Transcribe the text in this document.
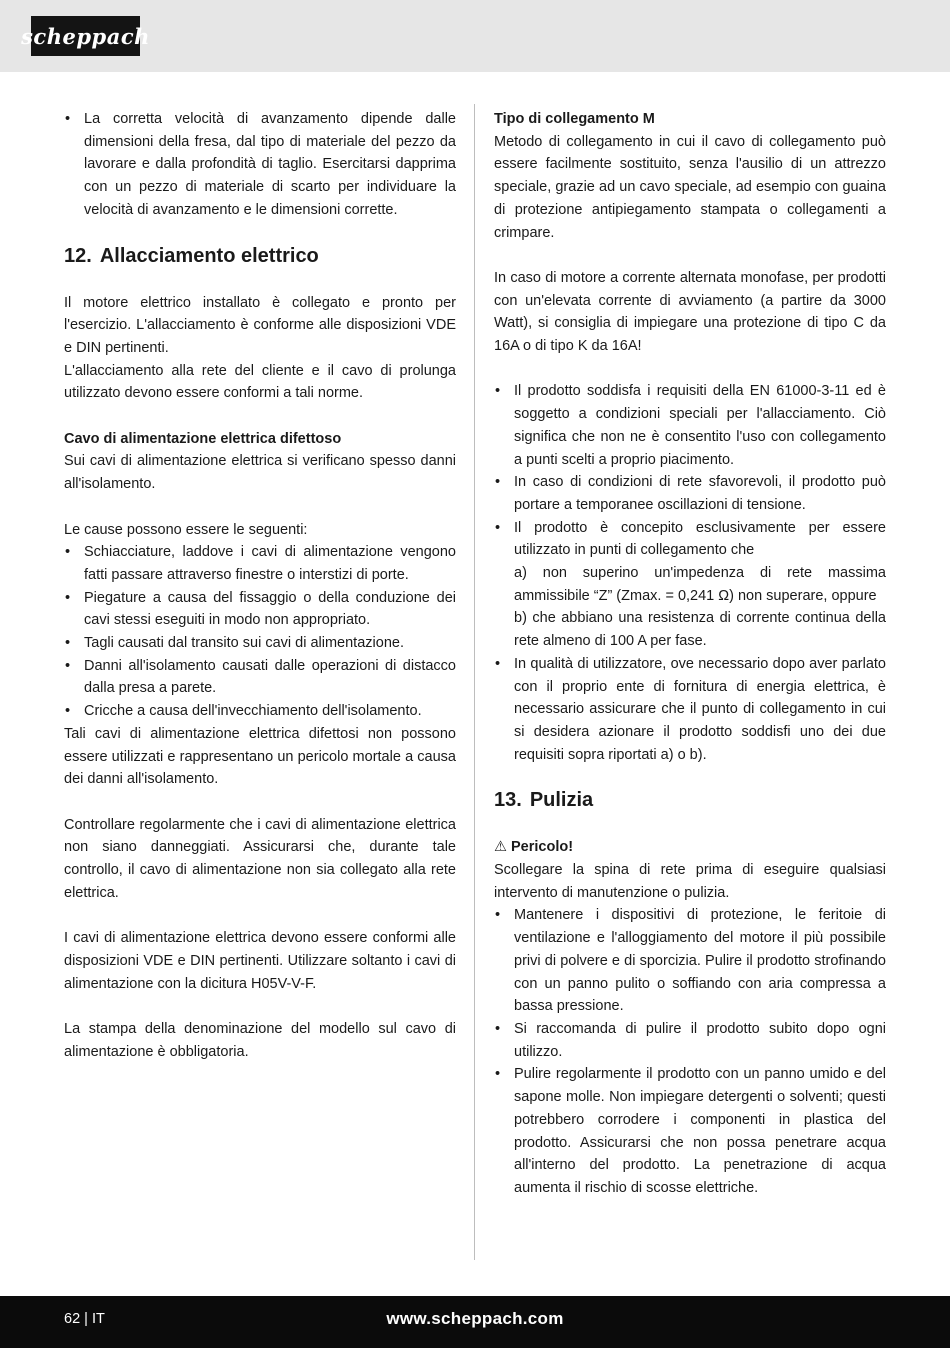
scheppach
• La corretta velocità di avanzamento dipende dalle dimensioni della fresa, dal tipo di materiale del pezzo da lavorare e dalla profondità di taglio. Esercitarsi dapprima con un pezzo di materiale di scarto per individuare la velocità di avanzamento e le dimensioni corrette.
12. Allacciamento elettrico

Il motore elettrico installato è collegato e pronto per l'esercizio. L'allacciamento è conforme alle disposizioni VDE e DIN pertinenti.

L'allacciamento alla rete del cliente e il cavo di prolunga utilizzato devono essere conformi a tali norme.

Cavo di alimentazione elettrica difettoso

Sui cavi di alimentazione elettrica si verificano spesso danni all'isolamento.

Le cause possono essere le seguenti:

• Schiacciature, laddove i cavi di alimentazione vengono fatti passare attraverso finestre o interstizi di porte.
• Piegature a causa del fissaggio o della conduzione dei cavi stessi eseguiti in modo non appropriato.
• Tagli causati dal transito sui cavi di alimentazione.
• Danni all'isolamento causati dalle operazioni di distacco dalla presa a parete.
• Cricche a causa dell'invecchiamento dell'isolamento.

Tali cavi di alimentazione elettrica difettosi non possono essere utilizzati e rappresentano un pericolo mortale a causa dei danni all'isolamento.

Controllare regolarmente che i cavi di alimentazione elettrica non siano danneggiati. Assicurarsi che, durante tale controllo, il cavo di alimentazione non sia collegato alla rete elettrica.

I cavi di alimentazione elettrica devono essere conformi alle disposizioni VDE e DIN pertinenti. Utilizzare soltanto i cavi di alimentazione con la dicitura H05V-V-F.

La stampa della denominazione del modello sul cavo di alimentazione è obbligatoria.

Tipo di collegamento M

Metodo di collegamento in cui il cavo di collegamento può essere facilmente sostituito, senza l'ausilio di un attrezzo speciale, grazie ad un cavo speciale, ad esempio con guaina di protezione antipiegamento stampata o collegamenti a crimpare.

In caso di motore a corrente alternata monofase, per prodotti con un'elevata corrente di avviamento (a partire da 3000 Watt), si consiglia di impiegare una protezione di tipo C da 16A o di tipo K da 16A!

• Il prodotto soddisfa i requisiti della EN 61000-3-11 ed è soggetto a condizioni speciali per l'allacciamento. Ciò significa che non ne è consentito l'uso con collegamento a punti scelti a proprio piacimento.
• In caso di condizioni di rete sfavorevoli, il prodotto può portare a temporanee oscillazioni di tensione.
• Il prodotto è concepito esclusivamente per essere utilizzato in punti di collegamento che
a) non superino un'impedenza di rete massima ammissibile “Z” (Zmax. = 0,241 Ω) non superare, oppure
b) che abbiano una resistenza di corrente continua della rete almeno di 100 A per fase.
• In qualità di utilizzatore, ove necessario dopo aver parlato con il proprio ente di fornitura di energia elettrica, è necessario assicurare che il punto di collegamento in cui si desidera azionare il prodotto soddisfi uno dei due requisiti sopra riportati a) o b).
13. Pulizia

⚠ Pericolo!

Scollegare la spina di rete prima di eseguire qualsiasi intervento di manutenzione o pulizia.

• Mantenere i dispositivi di protezione, le feritoie di ventilazione e l'alloggiamento del motore il più possibile privi di polvere e di sporcizia. Pulire il prodotto strofinando con un panno pulito o soffiando con aria compressa a bassa pressione.
• Si raccomanda di pulire il prodotto subito dopo ogni utilizzo.
• Pulire regolarmente il prodotto con un panno umido e del sapone molle. Non impiegare detergenti o solventi; questi potrebbero corrodere i componenti in plastica del prodotto. Assicurarsi che non possa penetrare acqua all'interno del prodotto. La penetrazione di acqua aumenta il rischio di scosse elettriche.
62 | IT	www.scheppach.com
